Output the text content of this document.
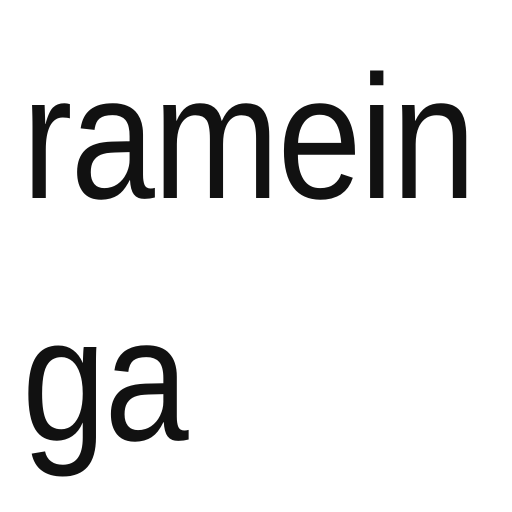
ramein

ga
